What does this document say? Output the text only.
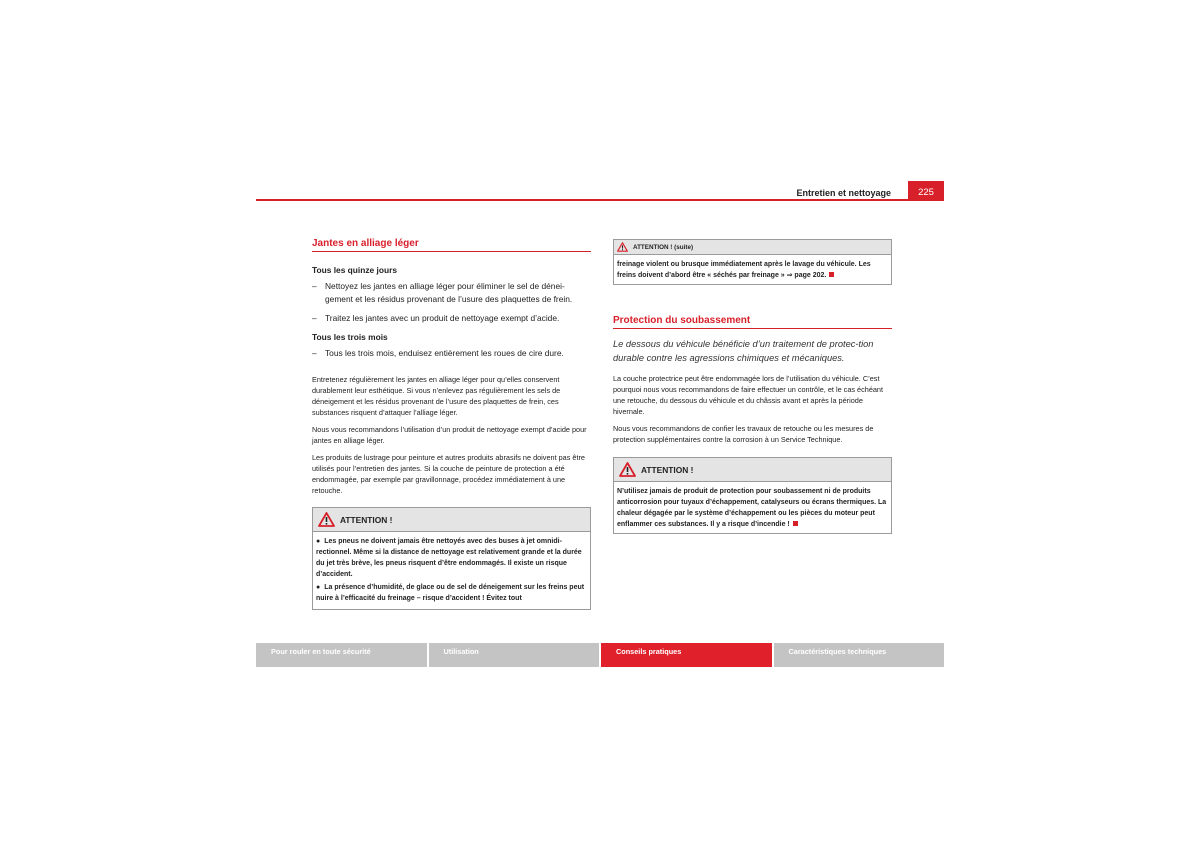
Entretien et nettoyage	225
Jantes en alliage léger
Tous les quinze jours
– Nettoyez les jantes en alliage léger pour éliminer le sel de dénei-gement et les résidus provenant de l’usure des plaquettes de frein.
– Traitez les jantes avec un produit de nettoyage exempt d’acide.
Tous les trois mois
– Tous les trois mois, enduisez entièrement les roues de cire dure.

Entretenez régulièrement les jantes en alliage léger pour qu’elles conservent durablement leur esthétique. Si vous n’enlevez pas régulièrement les sels de déneigement et les résidus provenant de l’usure des plaquettes de frein, ces substances risquent d’attaquer l’alliage léger.

Nous vous recommandons l’utilisation d’un produit de nettoyage exempt d’acide pour jantes en alliage léger.

Les produits de lustrage pour peinture et autres produits abrasifs ne doivent pas être utilisés pour l’entretien des jantes. Si la couche de peinture de protection a été endommagée, par exemple par gravillonnage, procédez immédiatement à une retouche.

ATTENTION !

● Les pneus ne doivent jamais être nettoyés avec des buses à jet omnidi-rectionnel. Même si la distance de nettoyage est relativement grande et la durée du jet très brève, les pneus risquent d’être endommagés. Il existe un risque d’accident.

● La présence d’humidité, de glace ou de sel de déneigement sur les freins peut nuire à l’efficacité du freinage – risque d’accident ! Évitez tout

ATTENTION ! (suite)
freinage violent ou brusque immédiatement après le lavage du véhicule. Les freins doivent d’abord être « séchés par freinage » ⇒ page 202.
Protection du soubassement

Le dessous du véhicule bénéficie d’un traitement de protec-tion durable contre les agressions chimiques et mécaniques.

La couche protectrice peut être endommagée lors de l’utilisation du véhicule. C’est pourquoi nous vous recommandons de faire effectuer un contrôle, et le cas échéant une retouche, du dessous du véhicule et du châssis avant et après la période hivernale.

Nous vous recommandons de confier les travaux de retouche ou les mesures de protection supplémentaires contre la corrosion à un Service Technique.

ATTENTION !
N’utilisez jamais de produit de protection pour soubassement ni de produits anticorrosion pour tuyaux d’échappement, catalyseurs ou écrans thermiques. La chaleur dégagée par le système d’échappement ou les pièces du moteur peut enflammer ces substances. Il y a risque d’incendie !
Pour rouler en toute sécurité	Utilisation	Conseils pratiques	Caractéristiques techniques
